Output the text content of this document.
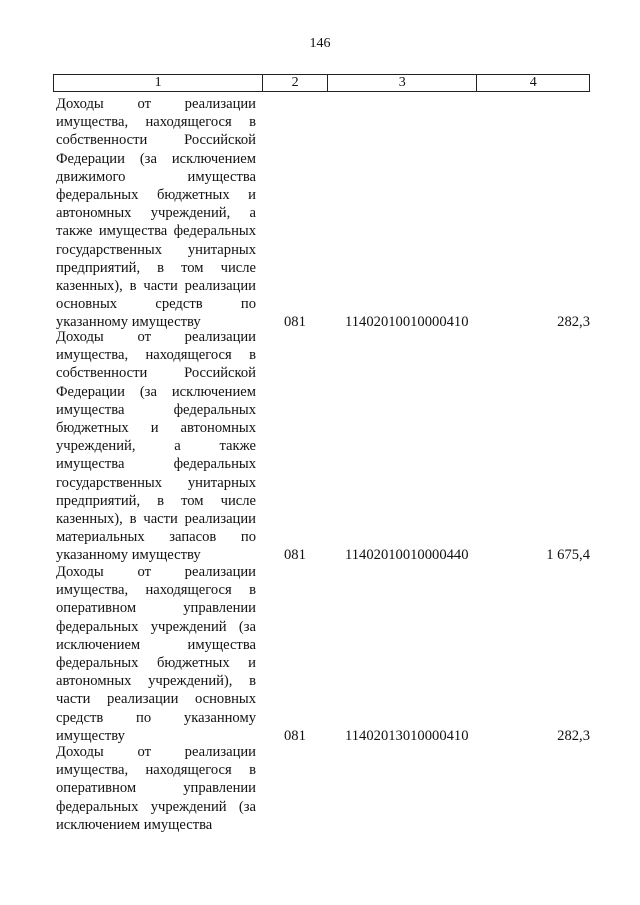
146
1	2	3	4
Доходы от реализации имущества, находящегося в собственности Российской Федерации (за исключением движимого имущества федеральных бюджетных и автономных учреждений, а также имущества федеральных государственных унитарных предприятий, в том числе казенных), в части реализации основных средств по указанному имуществу	081	11402010010000410	282,3
Доходы от реализации имущества, находящегося в собственности Российской Федерации (за исключением имущества федеральных бюджетных и автономных учреждений, а также имущества федеральных государственных унитарных предприятий, в том числе казенных), в части реализации материальных запасов по указанному имуществу	081	11402010010000440	1 675,4
Доходы от реализации имущества, находящегося в оперативном управлении федеральных учреждений (за исключением имущества федеральных бюджетных и автономных учреждений), в части реализации основных средств по указанному имуществу	081	11402013010000410	282,3
Доходы от реализации имущества, находящегося в оперативном управлении федеральных учреждений (за исключением имущества
